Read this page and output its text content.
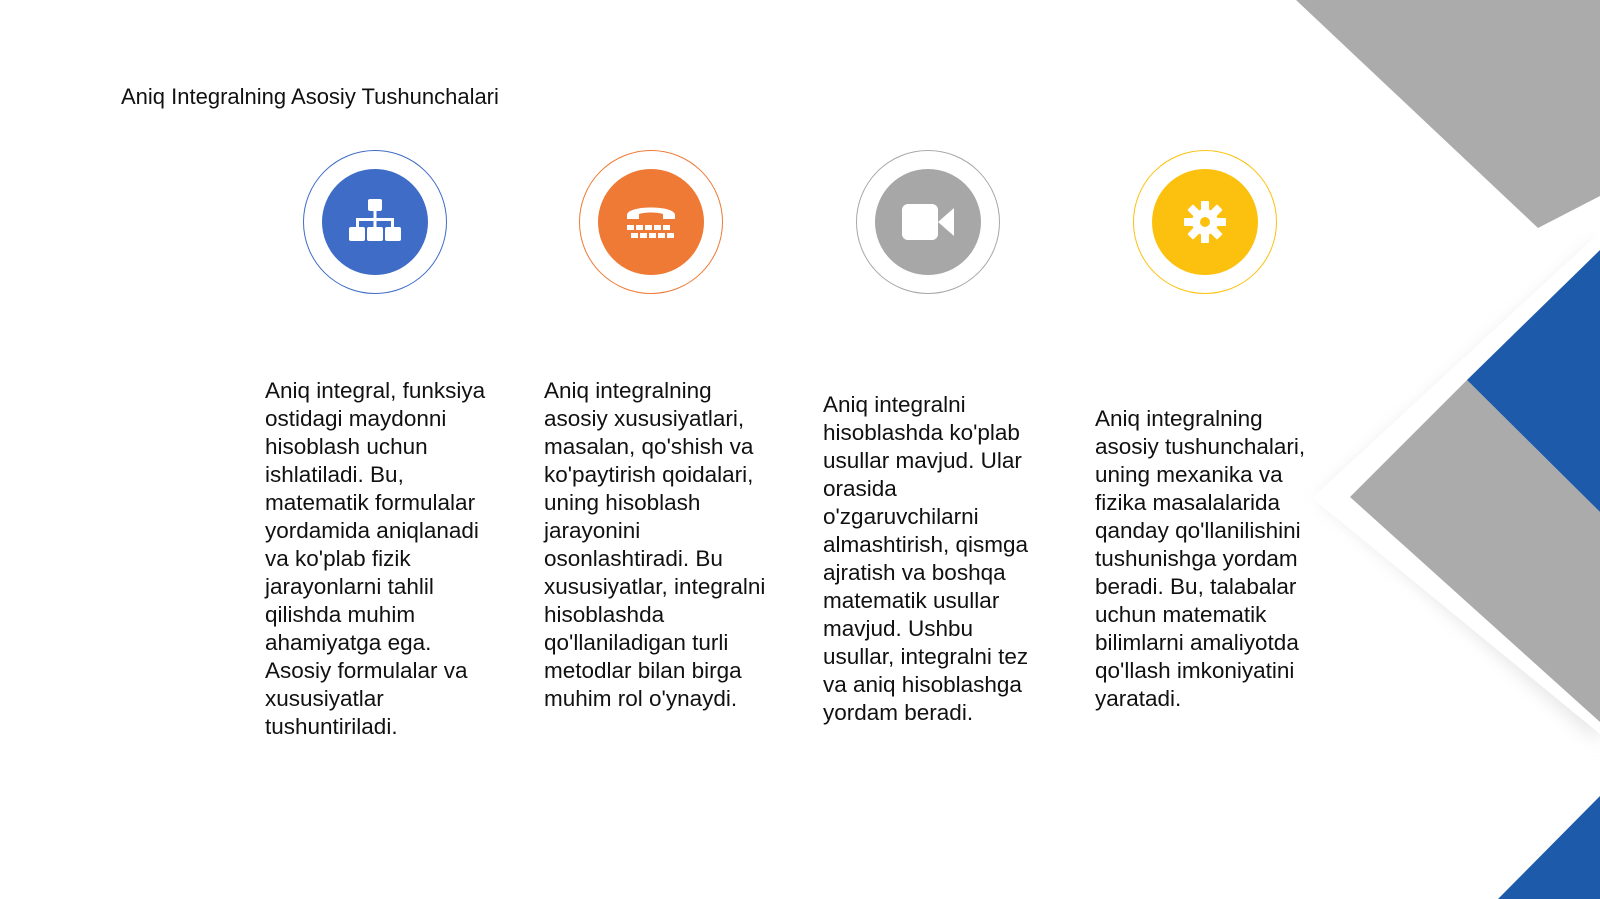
Aniq Integralning Asosiy Tushunchalari

Aniq integral, funksiya ostidagi maydonni hisoblash uchun ishlatiladi. Bu, matematik formulalar yordamida aniqlanadi va ko'plab fizik jarayonlarni tahlil qilishda muhim ahamiyatga ega. Asosiy formulalar va xususiyatlar tushuntiriladi.

Aniq integralning asosiy xususiyatlari, masalan, qo'shish va ko'paytirish qoidalari, uning hisoblash jarayonini osonlashtiradi. Bu xususiyatlar, integralni hisoblashda qo'llaniladigan turli metodlar bilan birga muhim rol o'ynaydi.

Aniq integralni hisoblashda ko'plab usullar mavjud. Ular orasida o'zgaruvchilarni almashtirish, qismga ajratish va boshqa matematik usullar mavjud. Ushbu usullar, integralni tez va aniq hisoblashga yordam beradi.

Aniq integralning asosiy tushunchalari, uning mexanika va fizika masalalarida qanday qo'llanilishini tushunishga yordam beradi. Bu, talabalar uchun matematik bilimlarni amaliyotda qo'llash imkoniyatini yaratadi.
